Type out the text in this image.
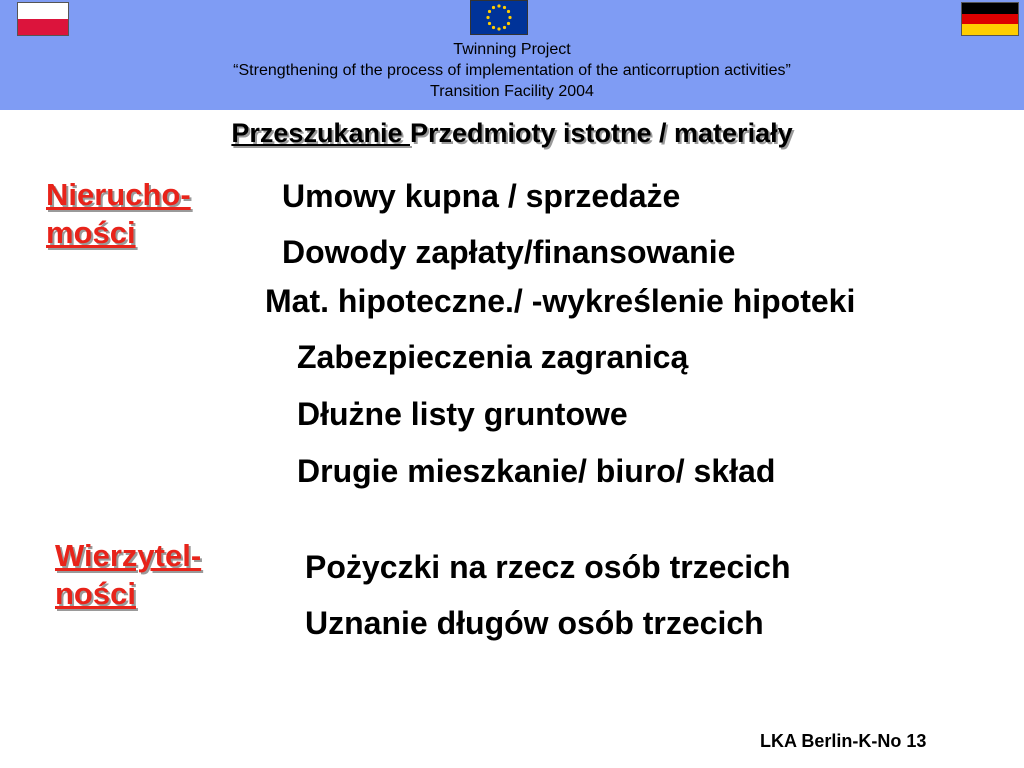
Twinning Project
“Strengthening of the process of implementation of the anticorruption activities”
Transition Facility 2004
Przeszukanie Przedmioty istotne / materiały
Nierucho-
mości
Umowy kupna / sprzedaże
Dowody zapłaty/finansowanie
Mat. hipoteczne./ -wykreślenie hipoteki
Zabezpieczenia zagranicą
Dłużne listy gruntowe
Drugie mieszkanie/ biuro/ skład
Wierzytel-
ności
Pożyczki na rzecz osób trzecich
Uznanie długów osób trzecich
LKA Berlin-K-No 13
